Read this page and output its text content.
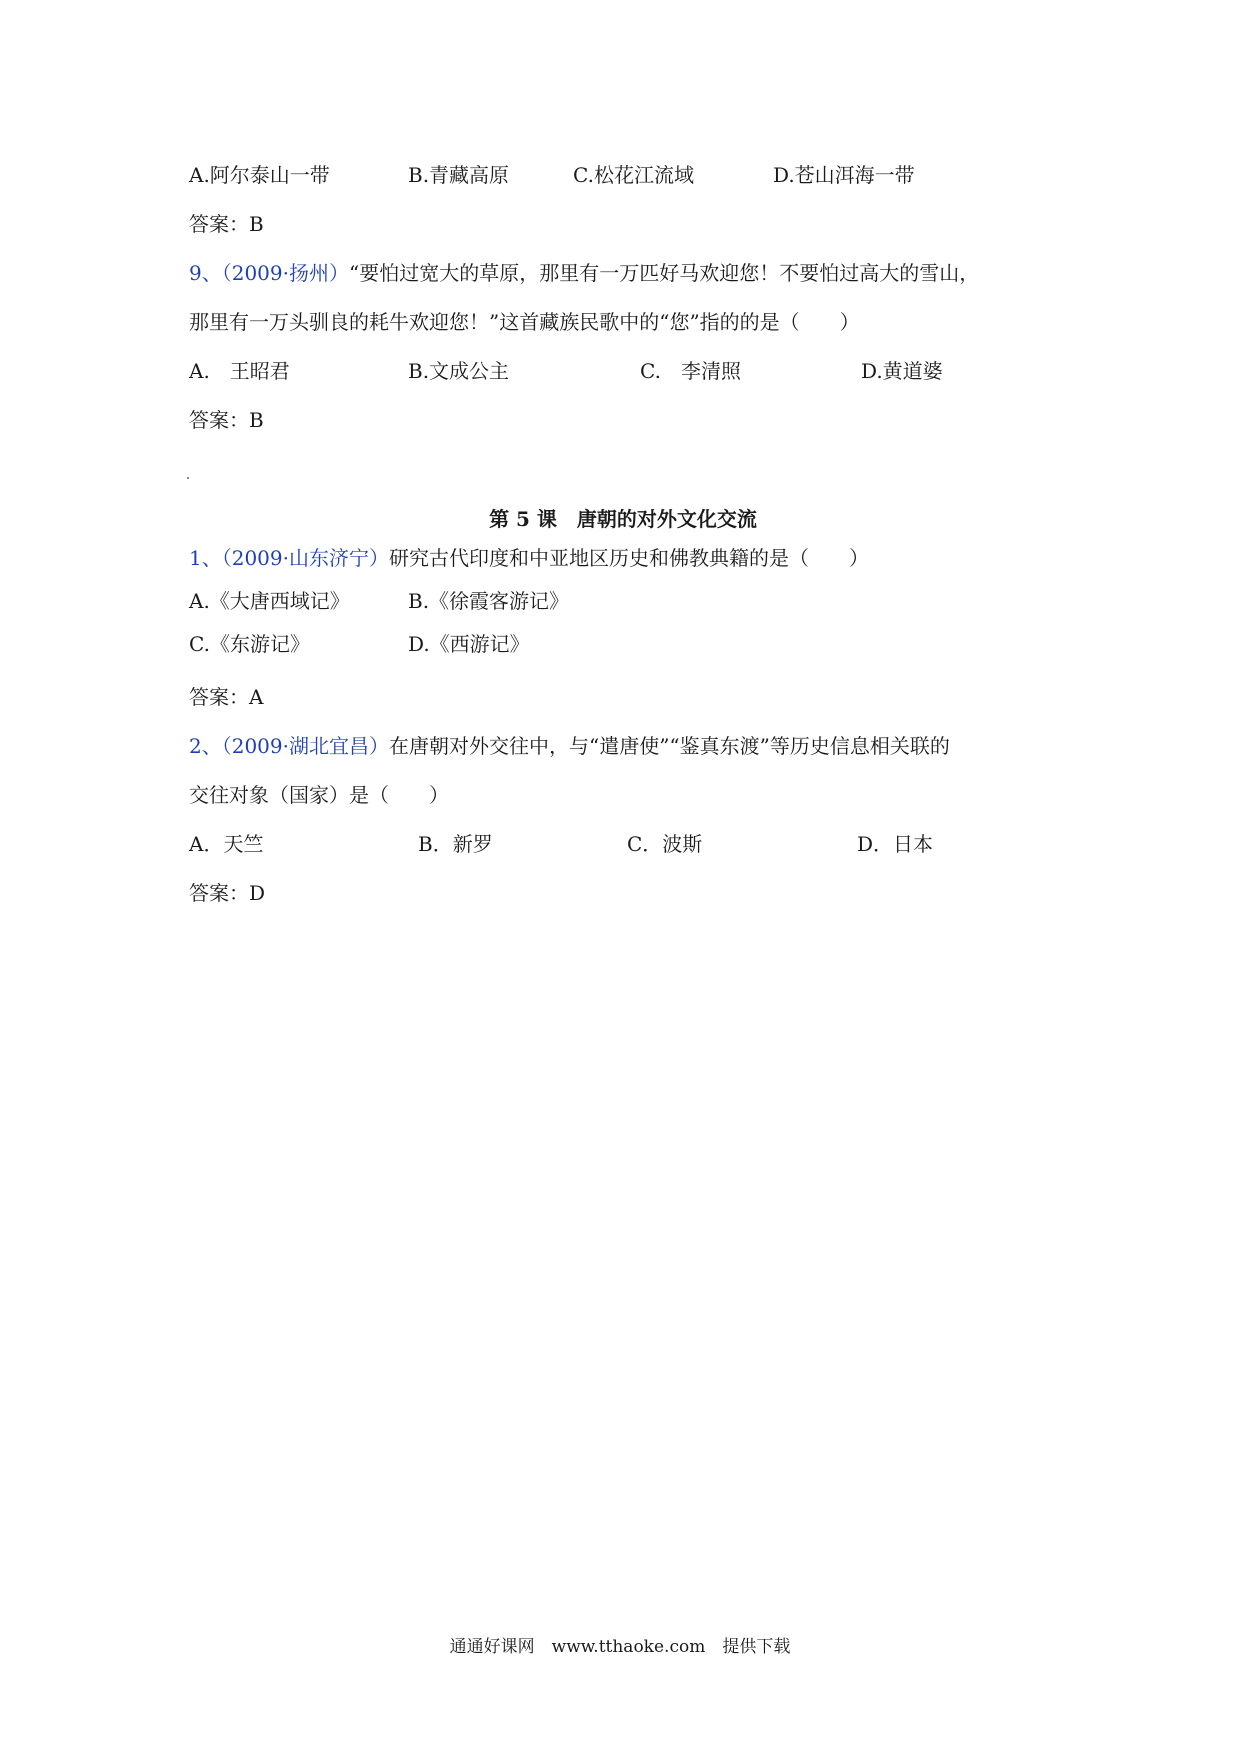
A.阿尔泰山一带	B.青藏高原	C.松花江流域	D.苍山洱海一带
答案：B
9、（2009·扬州）“要怕过宽大的草原，那里有一万匹好马欢迎您！不要怕过高大的雪山，
那里有一万头驯良的耗牛欢迎您！”这首藏族民歌中的“您”指的的是（　　）
A.　王昭君	B.文成公主	C.　李清照	D.黄道婆
答案：B
第 5 课　唐朝的对外文化交流
1、（2009·山东济宁）研究古代印度和中亚地区历史和佛教典籍的是（　　）
A.《大唐西域记》	B.《徐霞客游记》
C.《东游记》	D.《西游记》
答案：A
2、（2009·湖北宜昌）在唐朝对外交往中，与“遣唐使”“鉴真东渡”等历史信息相关联的
交往对象（国家）是（　　）
A．天竺	B．新罗	C．波斯	D．日本
答案：D
通通好课网　www.tthaoke.com　提供下载
